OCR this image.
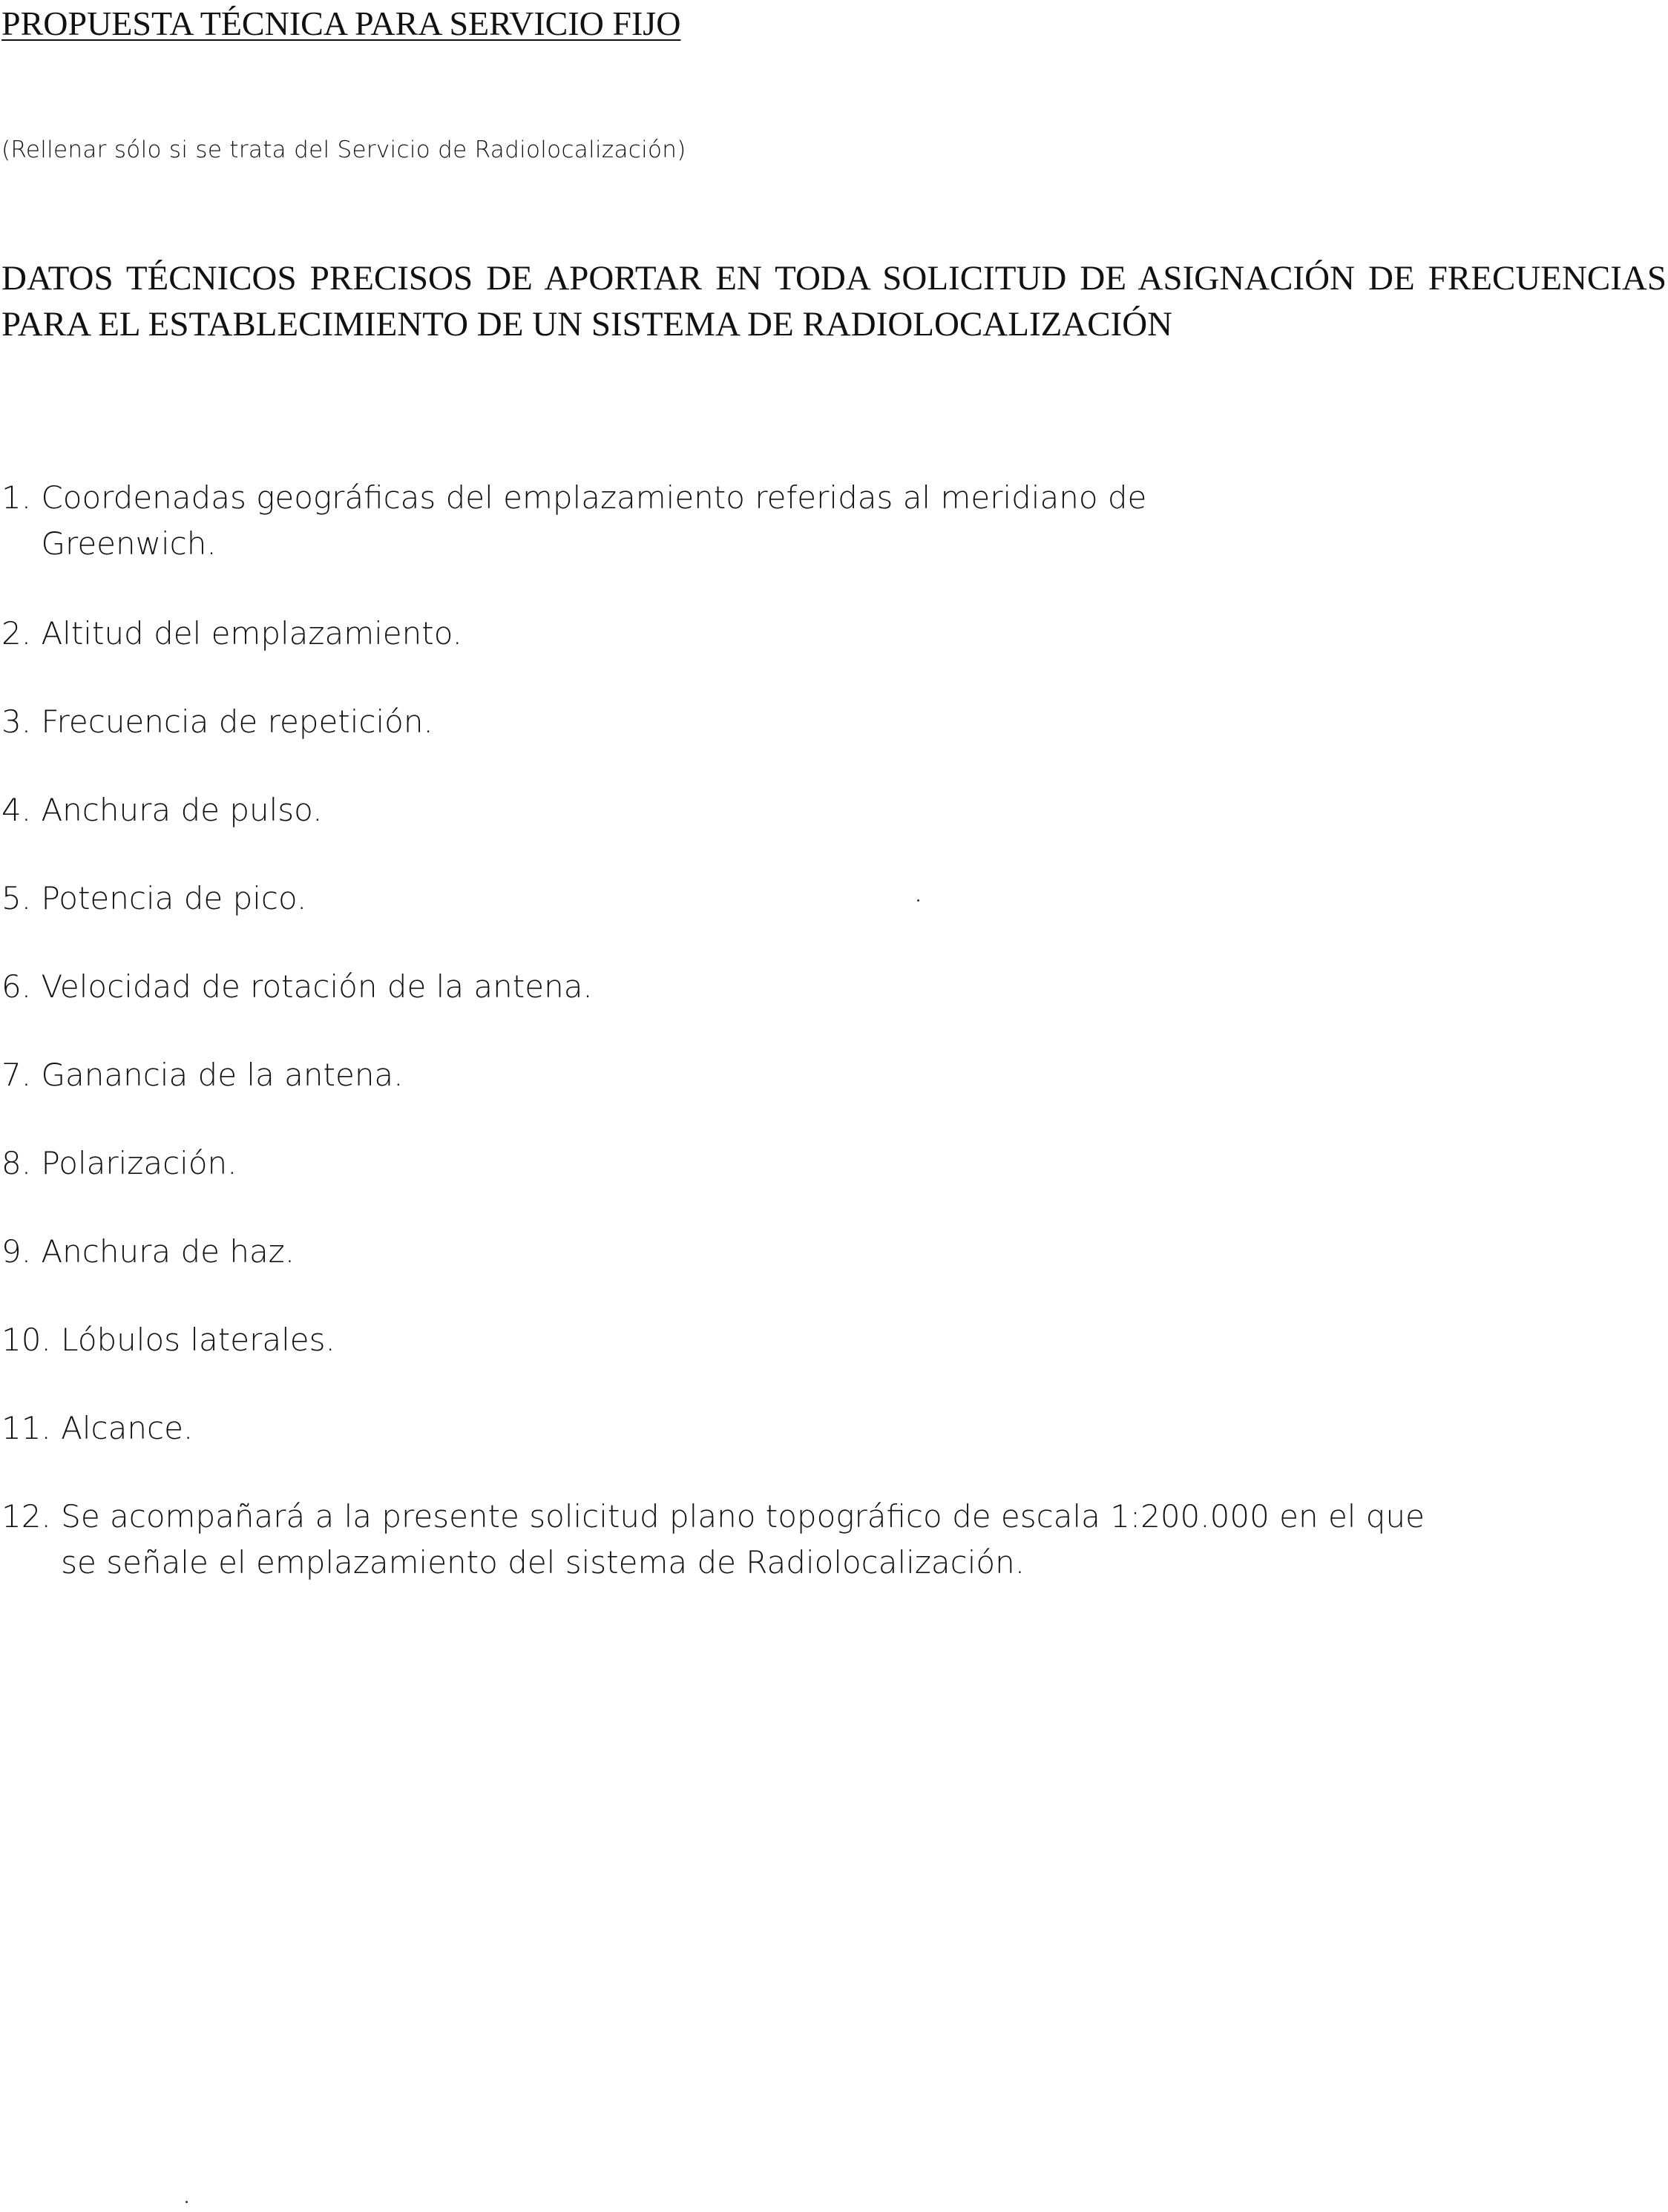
PROPUESTA TÉCNICA PARA SERVICIO FIJO

(Rellenar sólo si se trata del Servicio de Radiolocalización)

DATOS TÉCNICOS PRECISOS DE APORTAR EN TODA SOLICITUD DE ASIGNACIÓN DE FRECUENCIAS PARA EL ESTABLECIMIENTO DE UN SISTEMA DE RADIOLOCALIZACIÓN
1.
Coordenadas geográficas del emplazamiento referidas al meridiano de Greenwich.
2.
Altitud del emplazamiento.
3.
Frecuencia de repetición.
4.
Anchura de pulso.
5.
Potencia de pico.
6.
Velocidad de rotación de la antena.
7.
Ganancia de la antena.
8.
Polarización.
9.
Anchura de haz.
10.
Lóbulos laterales.
11.
Alcance.
12.
Se acompañará a la presente solicitud plano topográfico de escala 1:200.000 en el que se señale el emplazamiento del sistema de Radiolocalización.
